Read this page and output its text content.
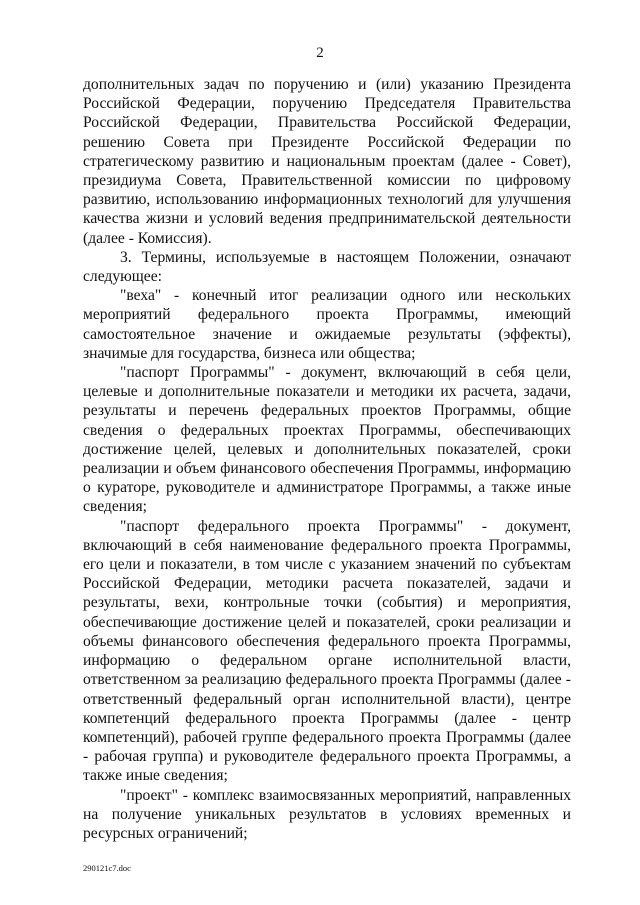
2

дополнительных задач по поручению и (или) указанию Президента Российской Федерации, поручению Председателя Правительства Российской Федерации, Правительства Российской Федерации, решению Совета при Президенте Российской Федерации по стратегическому развитию и национальным проектам (далее - Совет), президиума Совета, Правительственной комиссии по цифровому развитию, использованию информационных технологий для улучшения качества жизни и условий ведения предпринимательской деятельности (далее - Комиссия).

3. Термины, используемые в настоящем Положении, означают следующее:

"веха" - конечный итог реализации одного или нескольких мероприятий федерального проекта Программы, имеющий самостоятельное значение и ожидаемые результаты (эффекты), значимые для государства, бизнеса или общества;

"паспорт Программы" - документ, включающий в себя цели, целевые и дополнительные показатели и методики их расчета, задачи, результаты и перечень федеральных проектов Программы, общие сведения о федеральных проектах Программы, обеспечивающих достижение целей, целевых и дополнительных показателей, сроки реализации и объем финансового обеспечения Программы, информацию о кураторе, руководителе и администраторе Программы, а также иные сведения;

"паспорт федерального проекта Программы" - документ, включающий в себя наименование федерального проекта Программы, его цели и показатели, в том числе с указанием значений по субъектам Российской Федерации, методики расчета показателей, задачи и результаты, вехи, контрольные точки (события) и мероприятия, обеспечивающие достижение целей и показателей, сроки реализации и объемы финансового обеспечения федерального проекта Программы, информацию о федеральном органе исполнительной власти, ответственном за реализацию федерального проекта Программы (далее - ответственный федеральный орган исполнительной власти), центре компетенций федерального проекта Программы (далее - центр компетенций), рабочей группе федерального проекта Программы (далее - рабочая группа) и руководителе федерального проекта Программы, а также иные сведения;

"проект" - комплекс взаимосвязанных мероприятий, направленных на получение уникальных результатов в условиях временных и ресурсных ограничений;

290121c7.doc
